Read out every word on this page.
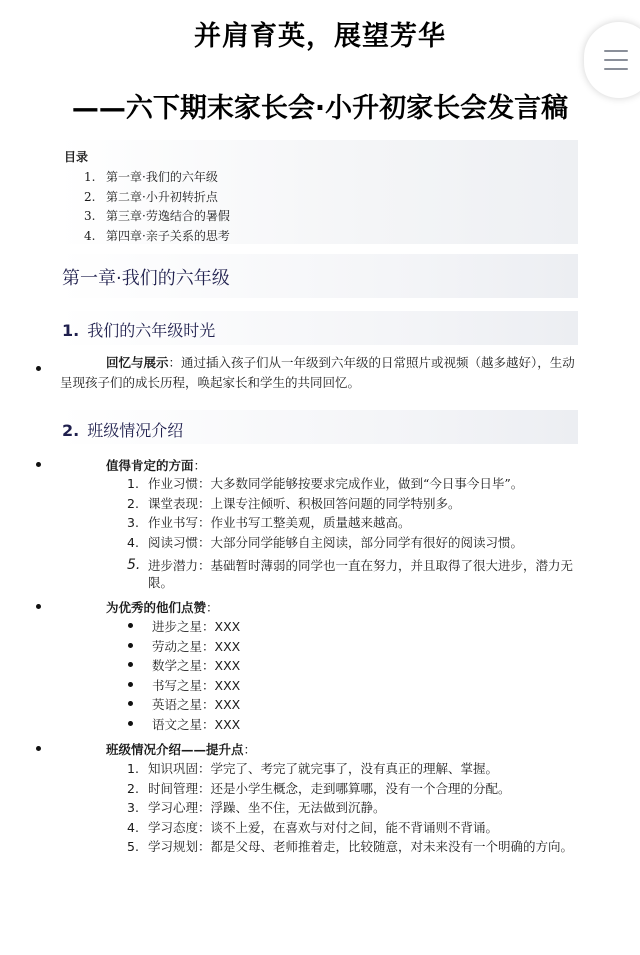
并肩育英，展望芳华
——六下期末家长会·小升初家长会发言稿
目录
1. 第一章·我们的六年级
2. 第二章·小升初转折点
3. 第三章·劳逸结合的暑假
4. 第四章·亲子关系的思考
第一章·我们的六年级
1. 我们的六年级时光
回忆与展示：通过插入孩子们从一年级到六年级的日常照片或视频（越多越好），生动呈现孩子们的成长历程，唤起家长和学生的共同回忆。
2. 班级情况介绍
值得肯定的方面：
1. 作业习惯：大多数同学能够按要求完成作业，做到“今日事今日毕”。
2. 课堂表现：上课专注倾听、积极回答问题的同学特别多。
3. 作业书写：作业书写工整美观，质量越来越高。
4. 阅读习惯：大部分同学能够自主阅读，部分同学有很好的阅读习惯。
5. 进步潜力：基础暂时薄弱的同学也一直在努力，并且取得了很大进步，潜力无限。
为优秀的他们点赞：
进步之星：XXX
劳动之星：XXX
数学之星：XXX
书写之星：XXX
英语之星：XXX
语文之星：XXX
班级情况介绍——提升点：
1. 知识巩固：学完了、考完了就完事了，没有真正的理解、掌握。
2. 时间管理：还是小学生概念，走到哪算哪，没有一个合理的分配。
3. 学习心理：浮躁、坐不住，无法做到沉静。
4. 学习态度：谈不上爱，在喜欢与对付之间，能不背诵则不背诵。
5. 学习规划：都是父母、老师推着走，比较随意，对未来没有一个明确的方向。
